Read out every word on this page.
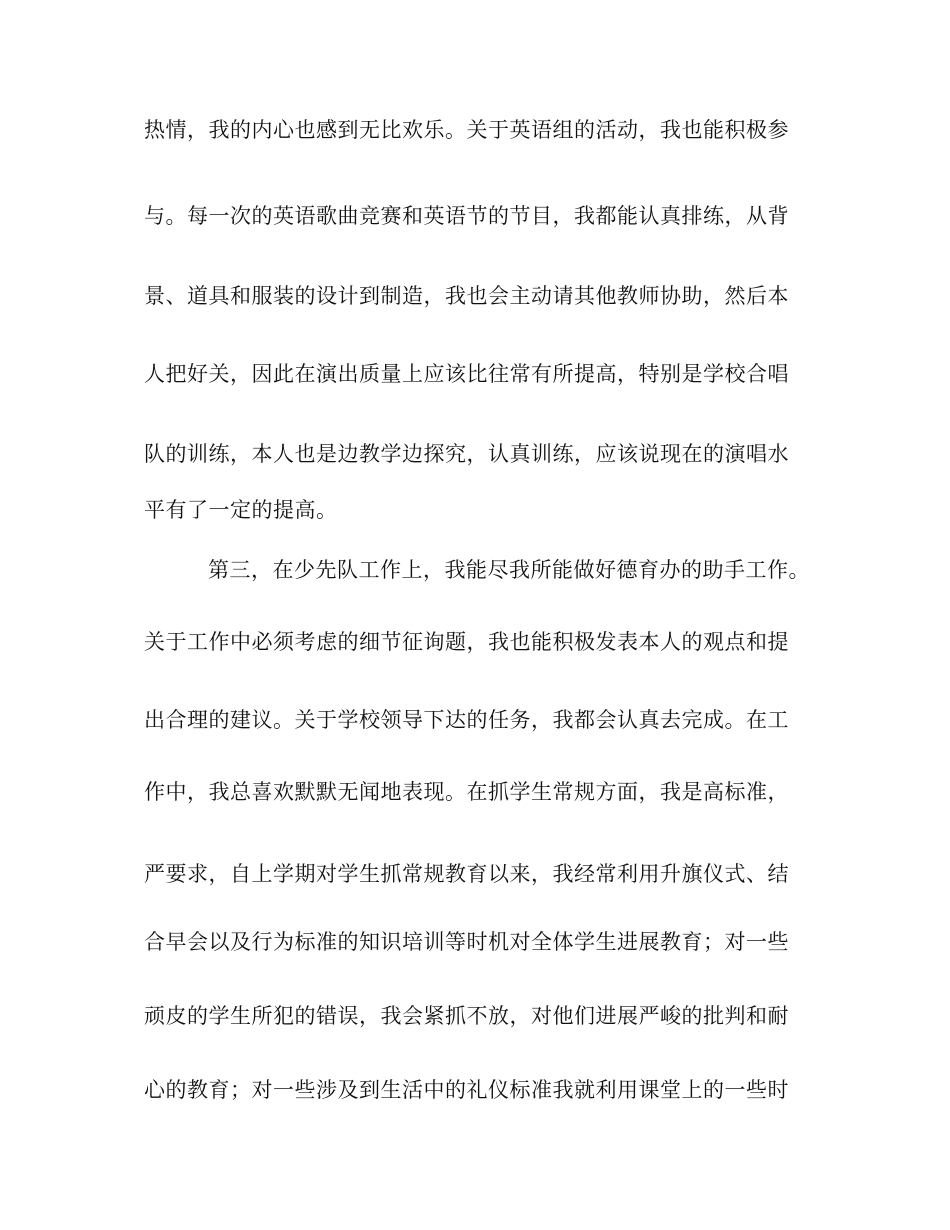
热情，我的内心也感到无比欢乐。关于英语组的活动，我也能积极参
与。每一次的英语歌曲竞赛和英语节的节目，我都能认真排练，从背
景、道具和服装的设计到制造，我也会主动请其他教师协助，然后本
人把好关，因此在演出质量上应该比往常有所提高，特别是学校合唱
队的训练，本人也是边教学边探究，认真训练，应该说现在的演唱水
平有了一定的提高。
第三，在少先队工作上，我能尽我所能做好德育办的助手工作。
关于工作中必须考虑的细节征询题，我也能积极发表本人的观点和提
出合理的建议。关于学校领导下达的任务，我都会认真去完成。在工
作中，我总喜欢默默无闻地表现。在抓学生常规方面，我是高标准，
严要求，自上学期对学生抓常规教育以来，我经常利用升旗仪式、结
合早会以及行为标准的知识培训等时机对全体学生进展教育；对一些
顽皮的学生所犯的错误，我会紧抓不放，对他们进展严峻的批判和耐
心的教育；对一些涉及到生活中的礼仪标准我就利用课堂上的一些时
